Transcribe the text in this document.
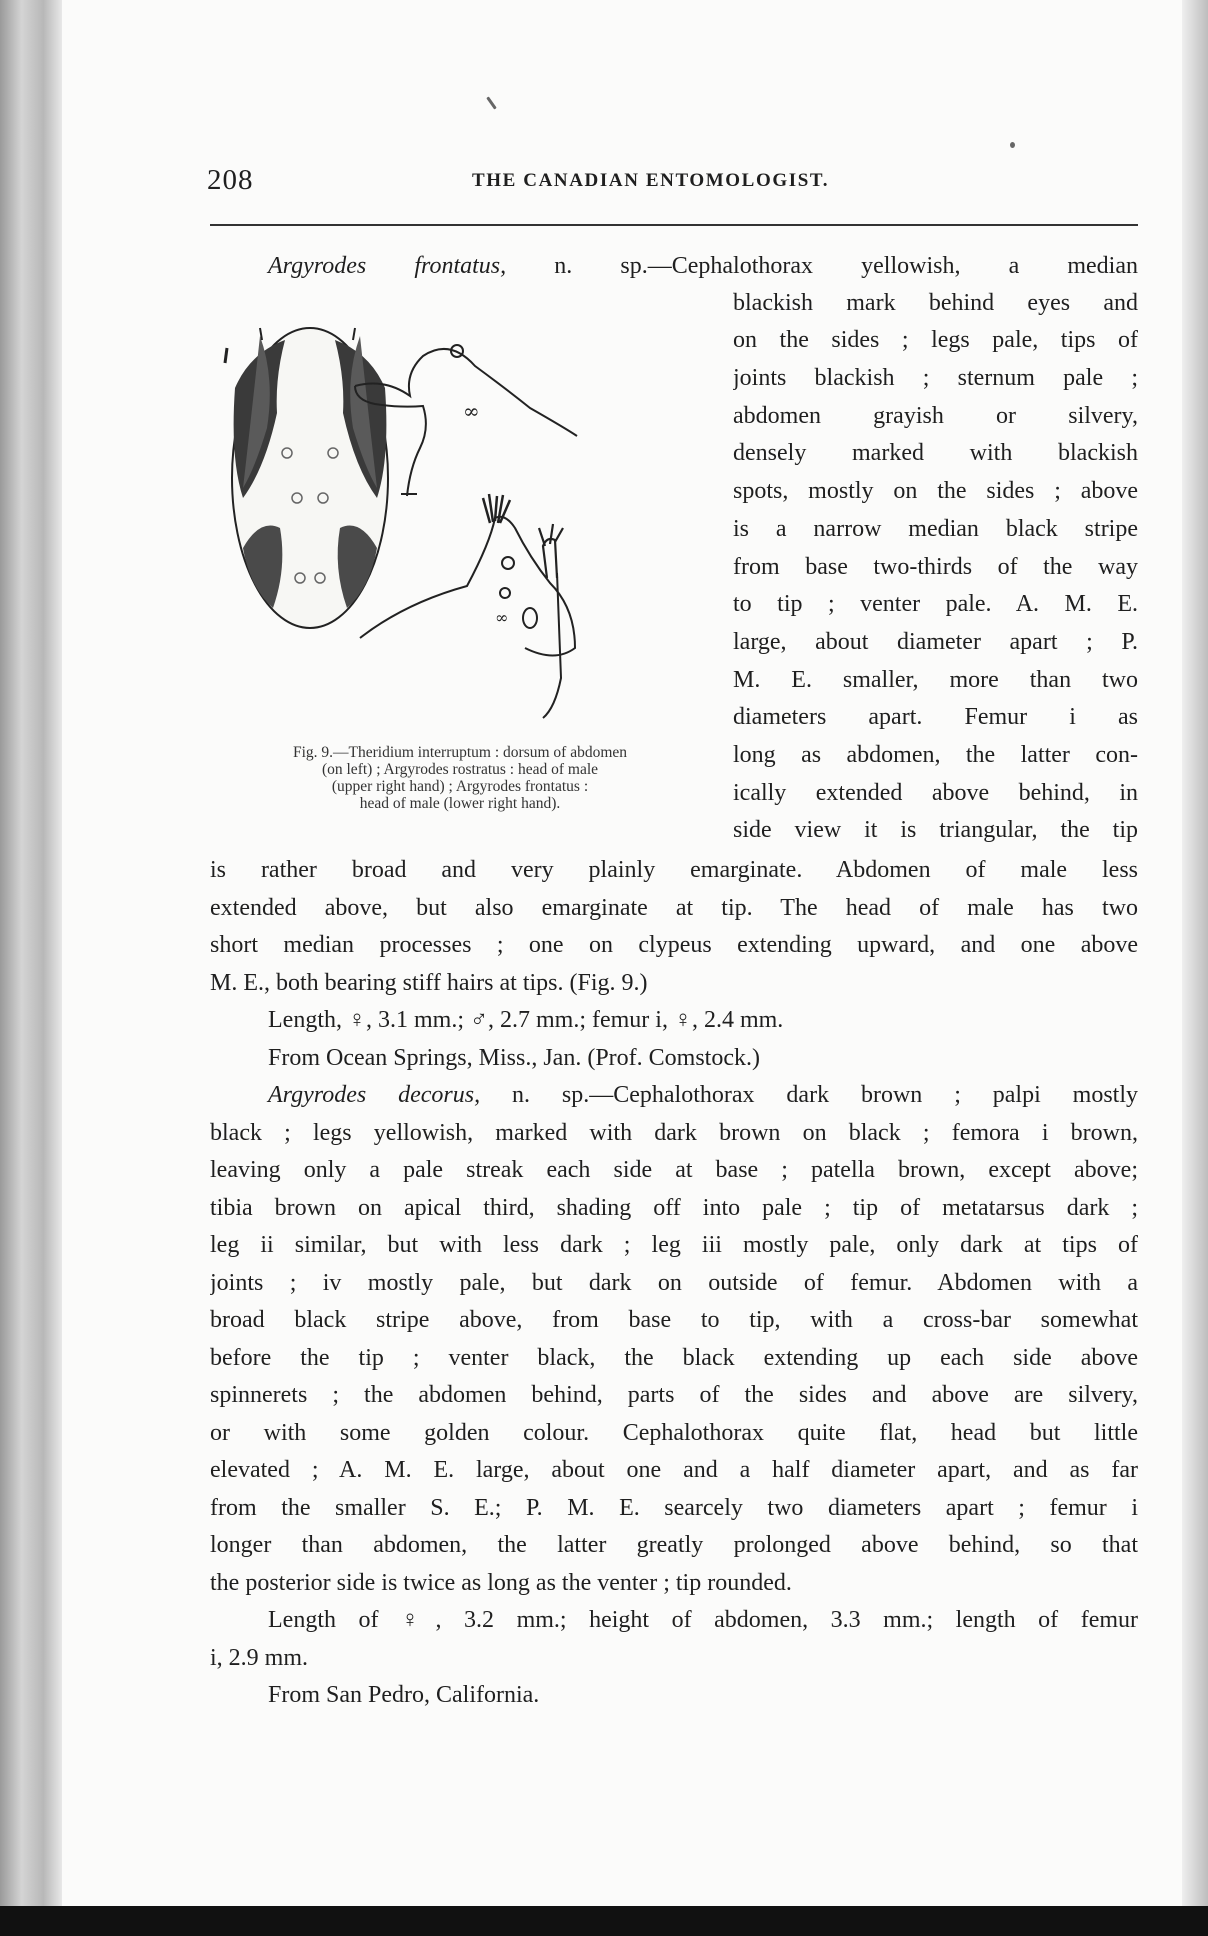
208	THE CANADIAN ENTOMOLOGIST.
Argyrodes frontatus, n. sp.—Cephalothorax yellowish, a median
blackish mark behind eyes and
on the sides ; legs pale, tips of
joints blackish ; sternum pale ;
abdomen grayish or silvery,
densely marked with blackish
spots, mostly on the sides ; above
is a narrow median black stripe
from base two-thirds of the way
to tip ; venter pale. A. M. E.
large, about diameter apart ; P.
M. E. smaller, more than two
diameters apart. Femur i as
long as abdomen, the latter con-
ically extended above behind, in
side view it is triangular, the tip
∞
∞
Fig. 9.—Theridium interruptum : dorsum of abdomen
(on left) ; Argyrodes rostratus : head of male
(upper right hand) ; Argyrodes frontatus :
head of male (lower right hand).
is rather broad and very plainly emarginate. Abdomen of male less
extended above, but also emarginate at tip. The head of male has two
short median processes ; one on clypeus extending upward, and one above
M. E., both bearing stiff hairs at tips. (Fig. 9.)
Length, ♀, 3.1 mm.; ♂, 2.7 mm.; femur i, ♀, 2.4 mm.
From Ocean Springs, Miss., Jan. (Prof. Comstock.)
Argyrodes decorus, n. sp.—Cephalothorax dark brown ; palpi mostly
black ; legs yellowish, marked with dark brown on black ; femora i brown,
leaving only a pale streak each side at base ; patella brown, except above;
tibia brown on apical third, shading off into pale ; tip of metatarsus dark ;
leg ii similar, but with less dark ; leg iii mostly pale, only dark at tips of
joints ; iv mostly pale, but dark on outside of femur. Abdomen with a
broad black stripe above, from base to tip, with a cross-bar somewhat
before the tip ; venter black, the black extending up each side above
spinnerets ; the abdomen behind, parts of the sides and above are silvery,
or with some golden colour. Cephalothorax quite flat, head but little
elevated ; A. M. E. large, about one and a half diameter apart, and as far
from the smaller S. E.; P. M. E. searcely two diameters apart ; femur i
longer than abdomen, the latter greatly prolonged above behind, so that
the posterior side is twice as long as the venter ; tip rounded.
Length of ♀, 3.2 mm.; height of abdomen, 3.3 mm.; length of femur
i, 2.9 mm.
From San Pedro, California.
